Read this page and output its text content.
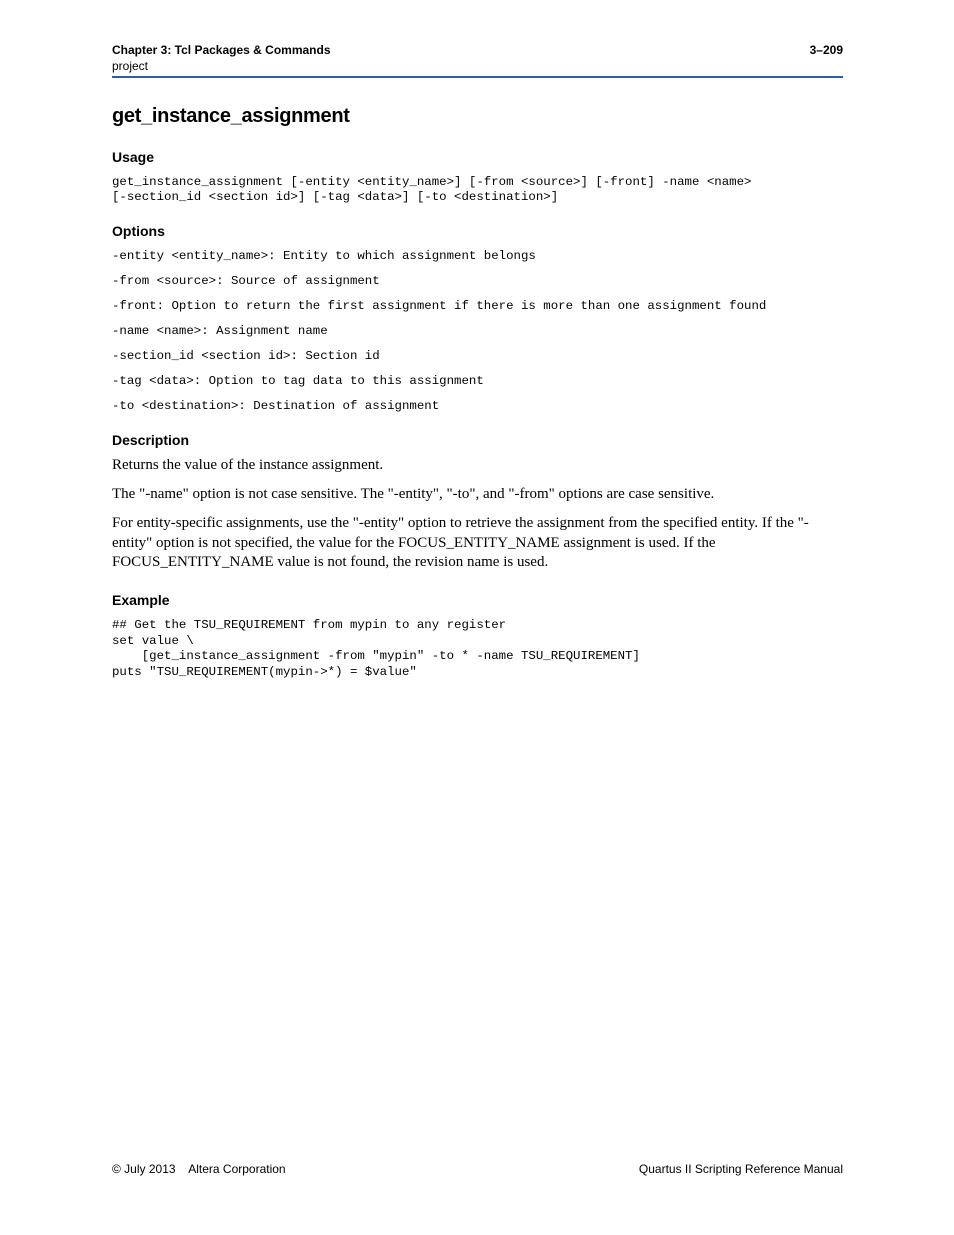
Chapter 3: Tcl Packages & Commands	3–209
project
get_instance_assignment
Usage
get_instance_assignment [-entity <entity_name>] [-from <source>] [-front] -name <name>
[-section_id <section id>] [-tag <data>] [-to <destination>]
Options
-entity <entity_name>: Entity to which assignment belongs
-from <source>: Source of assignment
-front: Option to return the first assignment if there is more than one assignment found
-name <name>: Assignment name
-section_id <section id>: Section id
-tag <data>: Option to tag data to this assignment
-to <destination>: Destination of assignment
Description
Returns the value of the instance assignment.
The "-name" option is not case sensitive. The "-entity", "-to", and "-from" options are case sensitive.
For entity-specific assignments, use the "-entity" option to retrieve the assignment from the specified entity. If the "-entity" option is not specified, the value for the FOCUS_ENTITY_NAME assignment is used. If the FOCUS_ENTITY_NAME value is not found, the revision name is used.
Example
## Get the TSU_REQUIREMENT from mypin to any register
set value \
[get_instance_assignment -from "mypin" -to * -name TSU_REQUIREMENT]
puts "TSU_REQUIREMENT(mypin->*) = $value"
© July 2013    Altera Corporation	Quartus II Scripting Reference Manual
